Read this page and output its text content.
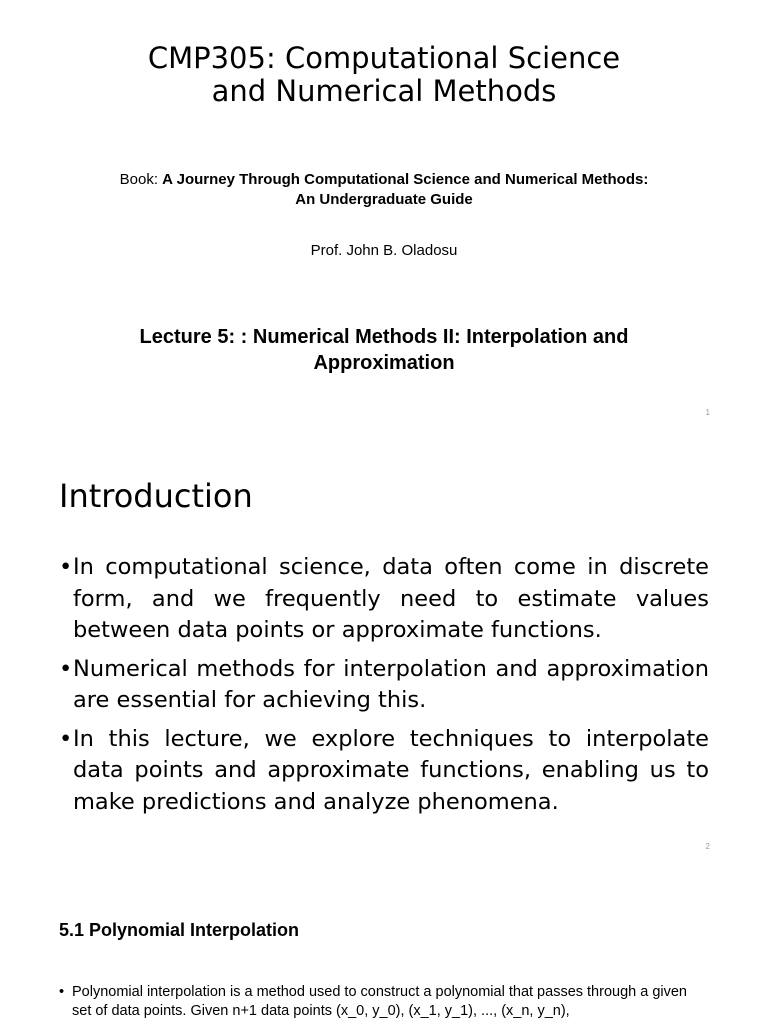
CMP305: Computational Science
and Numerical Methods
Book: A Journey Through Computational Science and Numerical Methods: An Undergraduate Guide
Prof. John B. Oladosu
Lecture 5: : Numerical Methods II: Interpolation and Approximation
1
Introduction
• In computational science, data often come in discrete form, and we frequently need to estimate values between data points or approximate functions.
• Numerical methods for interpolation and approximation are essential for achieving this.
• In this lecture, we explore techniques to interpolate data points and approximate functions, enabling us to make predictions and analyze phenomena.
2
5.1 Polynomial Interpolation
• Polynomial interpolation is a method used to construct a polynomial that passes through a given set of data points. Given n+1 data points (x_0, y_0), (x_1, y_1), ..., (x_n, y_n),
